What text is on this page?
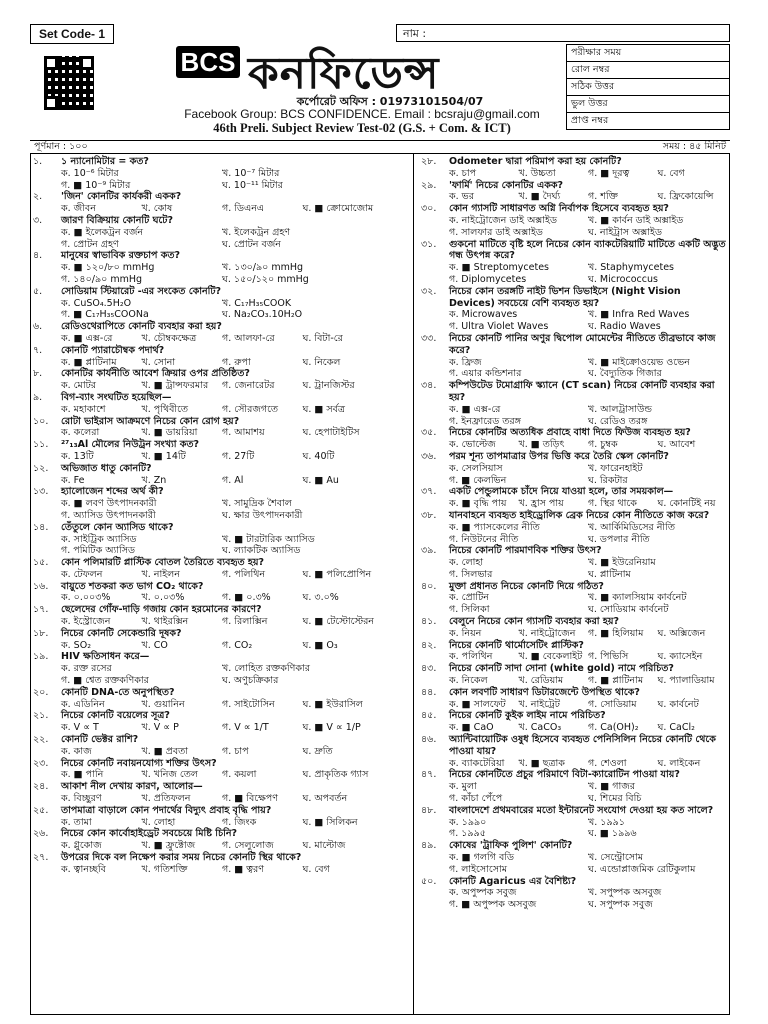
Set Code- 1	নাম :
BCS কনফিডেন্স
কর্পোরেট অফিস : 01973101504/07
Facebook Group: BCS CONFIDENCE. Email : bcsraju@gmail.com
46th Preli. Subject Review Test-02 (G.S. + Com. & ICT)
পরীক্ষার সময়
রোল নম্বর
সঠিক উত্তর
ভুল উত্তর
প্রাপ্ত নম্বর
পূর্ণমান : ১০০	সময় : ৪৫ মিনিট
১.	১ ন্যানোমিটার = কত?
ক. 10⁻⁶ মিটার	খ. 10⁻⁷ মিটার
গ. ■ 10⁻⁹ মিটার	ঘ. 10⁻¹¹ মিটার
২.	'জিন' কোনটির কার্যকরী একক?
ক. জীবন	খ. কোষ	গ. ডিএনএ	ঘ. ■ ক্রোমোজোম
৩.	জারণ বিক্রিয়ায় কোনটি ঘটে?
ক. ■ ইলেকট্রন বর্জন	খ. ইলেকট্রন গ্রহণ
গ. প্রোটন গ্রহণ	ঘ. প্রোটন বর্জন
৪.	মানুষের স্বাভাবিক রক্তচাপ কত?
ক. ■ ১২০/৮০ mmHg	খ. ১৩০/৯০ mmHg
গ. ১৪০/৯০ mmHg	ঘ. ১৫০/১২০ mmHg
৫.	সোডিয়াম স্টিয়ারেট -এর সংকেত কোনটি?
ক. CuSO₄.5H₂O	খ. C₁₇H₃₅COOK
গ. ■ C₁₇H₃₅COONa	ঘ. Na₂CO₃.10H₂O
৬.	রেডিওথেরাপিতে কোনটি ব্যবহার করা হয়?
ক. ■ এক্স-রে	খ. চৌম্বকক্ষেত্র	গ. আলফা-রে	ঘ. বিটা-রে
৭.	কোনটি প্যারাচৌম্বক পদার্থ?
ক. ■ প্লাটিনাম	খ. সোনা	গ. রুপা	ঘ. নিকেল
৮.	কোনটির কার্যনীতি আবেশ ক্রিয়ার ওপর প্রতিষ্ঠিত?
ক. মোটর	খ. ■ ট্রান্সফরমার	গ. জেনারেটর	ঘ. ট্রানজিস্টর
৯.	বিগ-ব্যাং সংঘটিত হয়েছিল—
ক. মহাকাশে	খ. পৃথিবীতে	গ. সৌরজগতে	ঘ. ■ সর্বত্র
১০.	রোটা ভাইরাস আক্রমণে নিচের কোন রোগ হয়?
ক. কলেরা	খ. ■ ডায়রিয়া	গ. আমাশয়	ঘ. হেপাটাইটিস
১১.	²⁷₁₃Al মৌলের নিউট্রন সংখ্যা কত?
ক. 13টি	খ. ■ 14টি	গ. 27টি	ঘ. 40টি
১২.	অভিজাত ধাতু কোনটি?
ক. Fe	খ. Zn	গ. Al	ঘ. ■ Au
১৩.	হ্যালোজেন শব্দের অর্থ কী?
ক. ■ লবণ উৎপাদনকারী	খ. সামুদ্রিক শৈবাল
গ. অ্যাসিড উৎপাদনকারী	ঘ. ক্ষার উৎপাদনকারী
১৪.	তেঁতুলে কোন অ্যাসিড থাকে?
ক. সাইট্রিক অ্যাসিড	খ. ■ টারটারিক অ্যাসিড
গ. পমিটিক অ্যাসিড	ঘ. ল্যাকটিক অ্যাসিড
১৫.	কোন পলিমারটি প্লাস্টিক বোতল তৈরিতে ব্যবহৃত হয়?
ক. টেফলন	খ. নাইলন	গ. পলিথিন	ঘ. ■ পলিপ্রোপিন
১৬.	বায়ুতে শতকরা কত ভাগ CO₂ থাকে?
ক. ০.০০৩%	খ. ০.০৩%	গ. ■ ০.৩%	ঘ. ৩.০%
১৭.	ছেলেদের গোঁফ-দাড়ি গজায় কোন হরমোনের কারণে?
ক. ইস্ট্রোজেন	খ. থাইরক্সিন	গ. রিলাক্সিন	ঘ. ■ টেস্টোস্টেরন
১৮.	নিচের কোনটি সেকেন্ডারি দূষক?
ক. SO₂	খ. CO	গ. CO₂	ঘ. ■ O₃
১৯.	HIV ক্ষতিসাধন করে—
ক. রক্ত রসের	খ. লোহিত রক্তকণিকার
গ. ■ শ্বেত রক্তকণিকার	ঘ. অণুচক্রিকার
২০.	কোনটি DNA-তে অনুপস্থিত?
ক. এডিনিন	খ. গুয়ানিন	গ. সাইটোসিন	ঘ. ■ ইউরাসিল
২১.	নিচের কোনটি বয়েলের সূত্র?
ক. V ∝ T	খ. V ∝ P	গ. V ∝ 1/T	ঘ. ■ V ∝ 1/P
২২.	কোনটি ভেক্টর রাশি?
ক. কাজ	খ. ■ প্রবতা	গ. চাপ	ঘ. দ্রুতি
২৩.	নিচের কোনটি নবায়নযোগ্য শক্তির উৎস?
ক. ■ পানি	খ. খনিজ তেল	গ. কয়লা	ঘ. প্রাকৃতিক গ্যাস
২৪.	আকাশ নীল দেখায় কারণ, আলোর—
ক. বিচ্ছুরণ	খ. প্রতিফলন	গ. ■ বিক্ষেপণ	ঘ. অপবর্তন
২৫.	তাপমাত্রা বাড়ালে কোন পদার্থের বিদ্যুৎ প্রবাহ বৃদ্ধি পায়?
ক. তামা	খ. লোহা	গ. জিংক	ঘ. ■ সিলিকন
২৬.	নিচের কোন কার্বোহাইড্রেট সবচেয়ে মিষ্টি চিনি?
ক. গ্লুকোজ	খ. ■ ফ্রুক্টোজ	গ. সেলুলোজ	ঘ. মাল্টোজ
২৭.	উপরের দিকে বল নিক্ষেপ করার সময় নিচের কোনটি স্থির থাকে?
ক. ত্বানচ্ছবি	খ. গতিশক্তি	গ. ■ ত্বরণ	ঘ. বেগ
২৮.	Odometer দ্বারা পরিমাপ করা হয় কোনটি?
ক. চাপ	খ. উচ্চতা	গ. ■ দূরত্ব	ঘ. বেগ
২৯.	'ফার্মি' নিচের কোনটির একক?
ক. ভর	খ. ■ দৈর্ঘ্য	গ. শক্তি	ঘ. ফ্রিকোয়েন্সি
৩০.	কোন গ্যাসটি সাধারণত অগ্নি নির্বাপক হিসেবে ব্যবহৃত হয়?
ক. নাইট্রোজেন ডাই অক্সাইড	খ. ■ কার্বন ডাই অক্সাইড
গ. সালফার ডাই অক্সাইড	ঘ. নাইট্রাস অক্সাইড
৩১.	গুকনো মাটিতে বৃষ্টি হলে নিচের কোন ব্যাকটেরিয়াটি মাটিতে একটি অদ্ভুত গন্ধ উৎপন্ন করে?
ক. ■ Streptomycetes	খ. Staphymycetes
গ. Diplomycetes	ঘ. Micrococcus
৩২.	নিচের কোন তরঙ্গটি নাইট ভিশন ডিভাইসে (Night Vision Devices) সবচেয়ে বেশি ব্যবহৃত হয়?
ক. Microwaves	খ. ■ Infra Red Waves
গ. Ultra Violet Waves	ঘ. Radio Waves
৩৩.	নিচের কোনটি পানির অণুর দ্বিপোল মোমেন্টের নীতিতে তীব্রভাবে কাজ করে?
ক. ফ্রিজ	খ. ■ মাইক্রোওয়েভ ওভেন
গ. এয়ার কন্ডিশনার	ঘ. বৈদ্যুতিক গিজার
৩৪.	কম্পিউটেড টমোগ্রাফি স্ক্যানে (CT scan) নিচের কোনটি ব্যবহার করা হয়?
ক. ■ এক্স-রে	খ. আলট্রাসাউন্ড
গ. ইনফ্রারেড তরঙ্গ	ঘ. রেডিও তরঙ্গ
৩৫.	নিচের কোনটির অত্যধিক প্রবাহে বাধা দিতে ফিউজ ব্যবহৃত হয়?
ক. ভোল্টেজ	খ. ■ তড়িৎ	গ. চুম্বক	ঘ. আবেশ
৩৬.	পরম শূন্য তাপমাত্রার উপর ভিত্তি করে তৈরি স্কেল কোনটি?
ক. সেলসিয়াস	খ. ফারেনহাইট
গ. ■ কেলভিন	ঘ. রিকটার
৩৭.	একটি পেন্ডুলামকে চাঁদে নিয়ে যাওয়া হলে, তার সময়কাল—
ক. ■ বৃদ্ধি পায়	খ. হ্রাস পায়	গ. স্থির থাকে	ঘ. কোনটিই নয়
৩৮.	যানবাহনে ব্যবহৃত হাইড্রোলিক ব্রেক নিচের কোন নীতিতে কাজ করে?
ক. ■ প্যাসকেলের নীতি	খ. আর্কিমিডিসের নীতি
গ. নিউটনের নীতি	ঘ. ডপলার নীতি
৩৯.	নিচের কোনটি পারমাণবিক শক্তির উৎস?
ক. লোহা	খ. ■ ইউরেনিয়াম
গ. সিলভার	ঘ. প্লাটিনাম
৪০.	মুক্তা প্রধানত নিচের কোনটি দিয়ে গঠিত?
ক. প্রোটিন	খ. ■ ক্যালসিয়াম কার্বনেট
গ. সিলিকা	ঘ. সোডিয়াম কার্বনেট
৪১.	বেলুনে নিচের কোন গ্যাসটি ব্যবহার করা হয়?
ক. নিয়ন	খ. নাইট্রোজেন	গ. ■ হিলিয়াম	ঘ. অক্সিজেন
৪২.	নিচের কোনটি থার্মোসেটিং প্লাস্টিক?
ক. পলিথিন	খ. ■ বেকেলাইট গ. পিভিসি	ঘ. ক্যাসেইন
৪৩.	নিচের কোনটি সাদা সোনা (white gold) নামে পরিচিত?
ক. নিকেল	খ. রেডিয়াম	গ. ■ প্লাটিনাম	ঘ. প্যালাডিয়াম
৪৪.	কোন লবণটি সাধারণ ডিটারজেন্টে উপস্থিত থাকে?
ক. ■ সালফেট	খ. নাইট্রেট	গ. সোডিয়াম	ঘ. কার্বনেট
৪৫.	নিচের কোনটি কুইক লাইম নামে পরিচিত?
ক. ■ CaO	খ. CaCO₃	গ. Ca(OH)₂	ঘ. CaCl₂
৪৬.	অ্যান্টিবায়োটিক ওষুধ হিসেবে ব্যবহৃত পেনিসিলিন নিচের কোনটি থেকে পাওয়া যায়?
ক. ব্যাকটেরিয়া	খ. ■ ছত্রাক	গ. শেওলা	ঘ. লাইকেন
৪৭.	নিচের কোনটিতে প্রচুর পরিমাণে বিটা-ক্যারোটিন পাওয়া যায়?
ক. মুলা	খ. ■ গাজর
গ. কাঁচা পেঁপে	ঘ. শিমের বিচি
৪৮.	বাংলাদেশে প্রথমবারের মতো ইন্টারনেট সংযোগ দেওয়া হয় কত সালে?
ক. ১৯৯০	খ. ১৯৯১
গ. ১৯৯৫	ঘ. ■ ১৯৯৬
৪৯.	কোষের 'ট্রাফিক পুলিশ' কোনটি?
ক. ■ গলগি বডি	খ. সেন্ট্রোসোম
গ. লাইসোসোম	ঘ. এন্ডোপ্লাজমিক রেটিকুলাম
৫০.	কোনটি Agaricus এর বৈশিষ্ট্য?
ক. অপুষ্পক সবুজ	খ. সপুষ্পক অসবুজ
গ. ■ অপুষ্পক অসবুজ	ঘ. সপুষ্পক সবুজ
